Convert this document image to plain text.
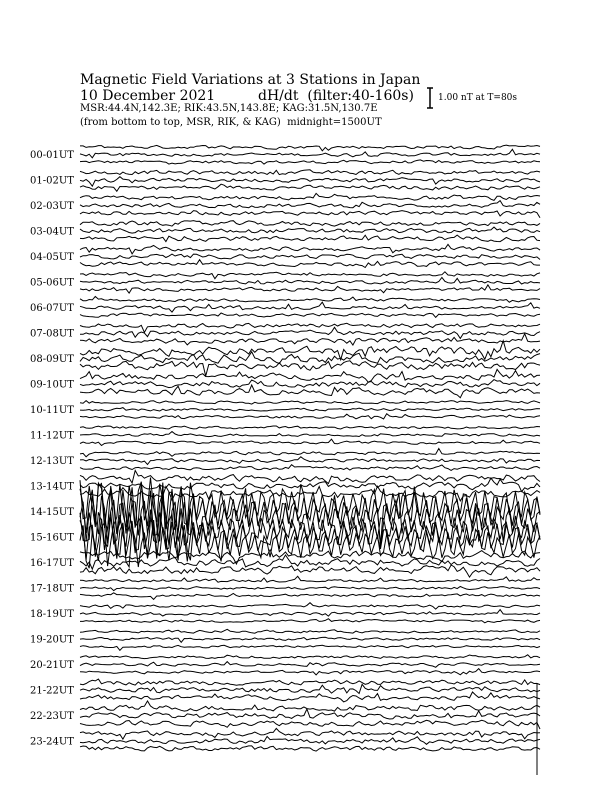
Magnetic Field Variations at 3 Stations in Japan
10 December 2021	dH/dt (filter:40-160s)
MSR:44.4N,142.3E; RIK:43.5N,143.8E; KAG:31.5N,130.7E
(from bottom to top, MSR, RIK, & KAG) midnight=1500UT
1.00 nT at T=80s
00-01UT
01-02UT
02-03UT
03-04UT
04-05UT
05-06UT
06-07UT
07-08UT
08-09UT
09-10UT
10-11UT
11-12UT
12-13UT
13-14UT
14-15UT
15-16UT
16-17UT
17-18UT
18-19UT
19-20UT
20-21UT
21-22UT
22-23UT
23-24UT
